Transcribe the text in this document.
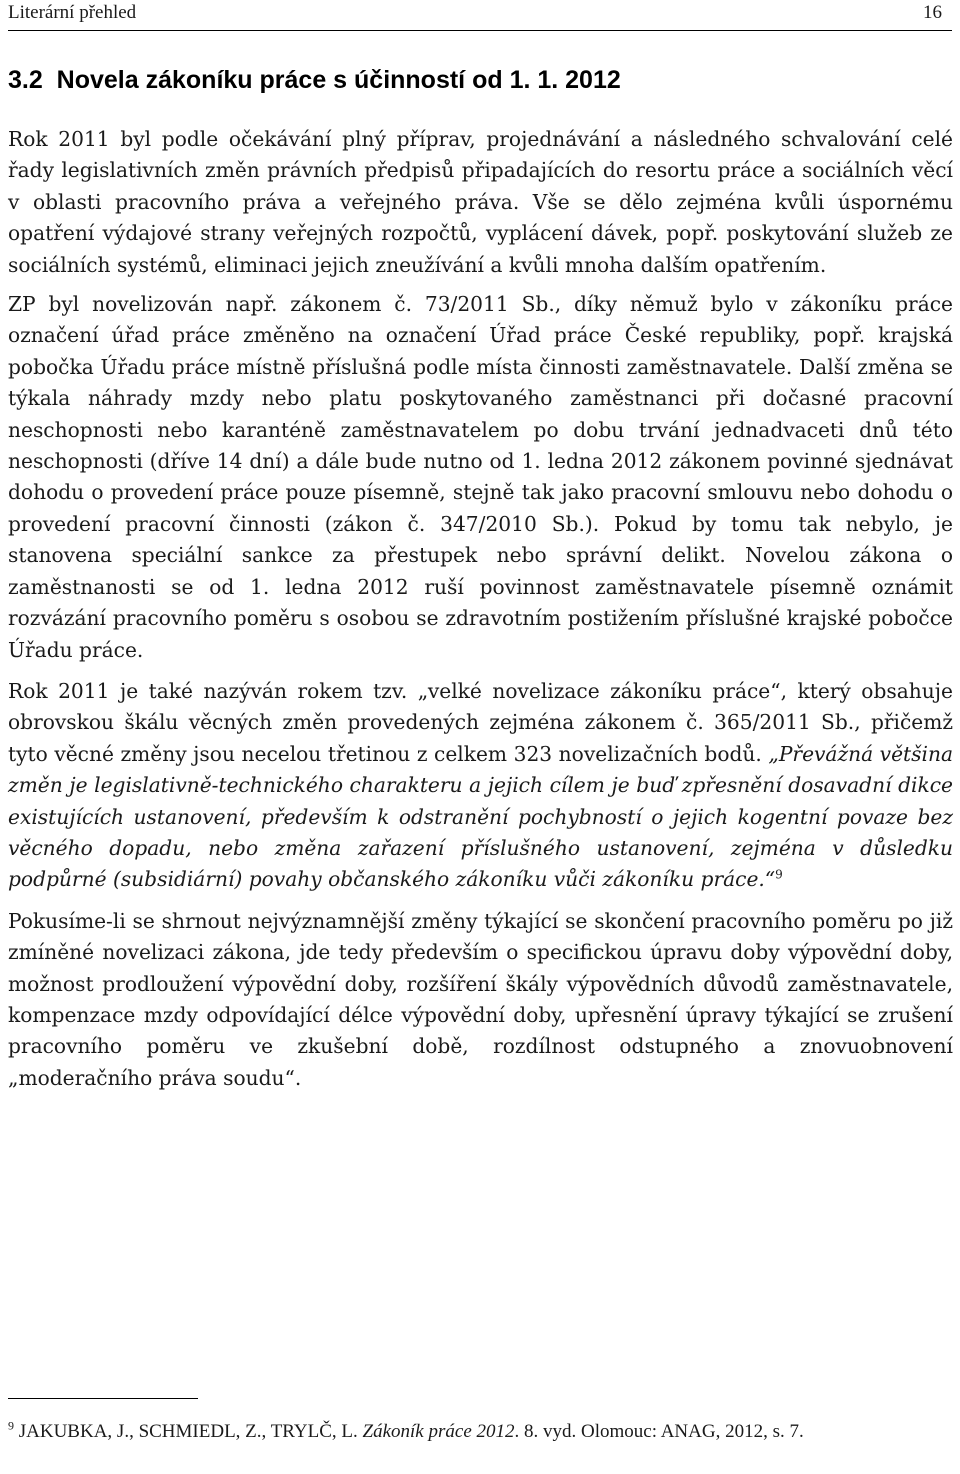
Literární přehled	16
3.2 Novela zákoníku práce s účinností od 1. 1. 2012

Rok 2011 byl podle očekávání plný příprav, projednávání a následného schvalování celé řady legislativních změn právních předpisů připadajících do resortu práce a sociálních věcí v oblasti pracovního práva a veřejného práva. Vše se dělo zejména kvůli úspornému opatření výdajové strany veřejných rozpočtů, vyplácení dávek, popř. poskytování služeb ze sociálních systémů, eliminaci jejich zneužívání a kvůli mnoha dalším opatřením.

ZP byl novelizován např. zákonem č. 73/2011 Sb., díky němuž bylo v zákoníku práce označení úřad práce změněno na označení Úřad práce České republiky, popř. krajská pobočka Úřadu práce místně příslušná podle místa činnosti zaměstnavatele. Další změna se týkala náhrady mzdy nebo platu poskytovaného zaměstnanci při dočasné pracovní neschopnosti nebo karanténě zaměstnavatelem po dobu trvání jednadvaceti dnů této neschopnosti (dříve 14 dní) a dále bude nutno od 1. ledna 2012 zákonem povinné sjednávat dohodu o provedení práce pouze písemně, stejně tak jako pracovní smlouvu nebo dohodu o provedení pracovní činnosti (zákon č. 347/2010 Sb.). Pokud by tomu tak nebylo, je stanovena speciální sankce za přestupek nebo správní delikt. Novelou zákona o zaměstnanosti se od 1. ledna 2012 ruší povinnost zaměstnavatele písemně oznámit rozvázání pracovního poměru s osobou se zdravotním postižením příslušné krajské pobočce Úřadu práce.

Rok 2011 je také nazýván rokem tzv. „velké novelizace zákoníku práce“, který obsahuje obrovskou škálu věcných změn provedených zejména zákonem č. 365/2011 Sb., přičemž tyto věcné změny jsou necelou třetinou z celkem 323 novelizačních bodů. „Převážná většina změn je legislativně-technického charakteru a jejich cílem je buď zpřesnění dosavadní dikce existujících ustanovení, především k odstranění pochybností o jejich kogentní povaze bez věcného dopadu, nebo změna zařazení příslušného ustanovení, zejména v důsledku podpůrné (subsidiární) povahy občanského zákoníku vůči zákoníku práce.“$^9$

Pokusíme-li se shrnout nejvýznamnější změny týkající se skončení pracovního poměru po již zmíněné novelizaci zákona, jde tedy především o specifickou úpravu doby výpovědní doby, možnost prodloužení výpovědní doby, rozšíření škály výpovědních důvodů zaměstnavatele, kompenzace mzdy odpovídající délce výpovědní doby, upřesnění úpravy týkající se zrušení pracovního poměru ve zkušební době, rozdílnost odstupného a znovuobnovení „moderačního práva soudu“.

$^9$ JAKUBKA, J., SCHMIEDL, Z., TRYLČ, L. Zákoník práce 2012. 8. vyd. Olomouc: ANAG, 2012, s. 7.
